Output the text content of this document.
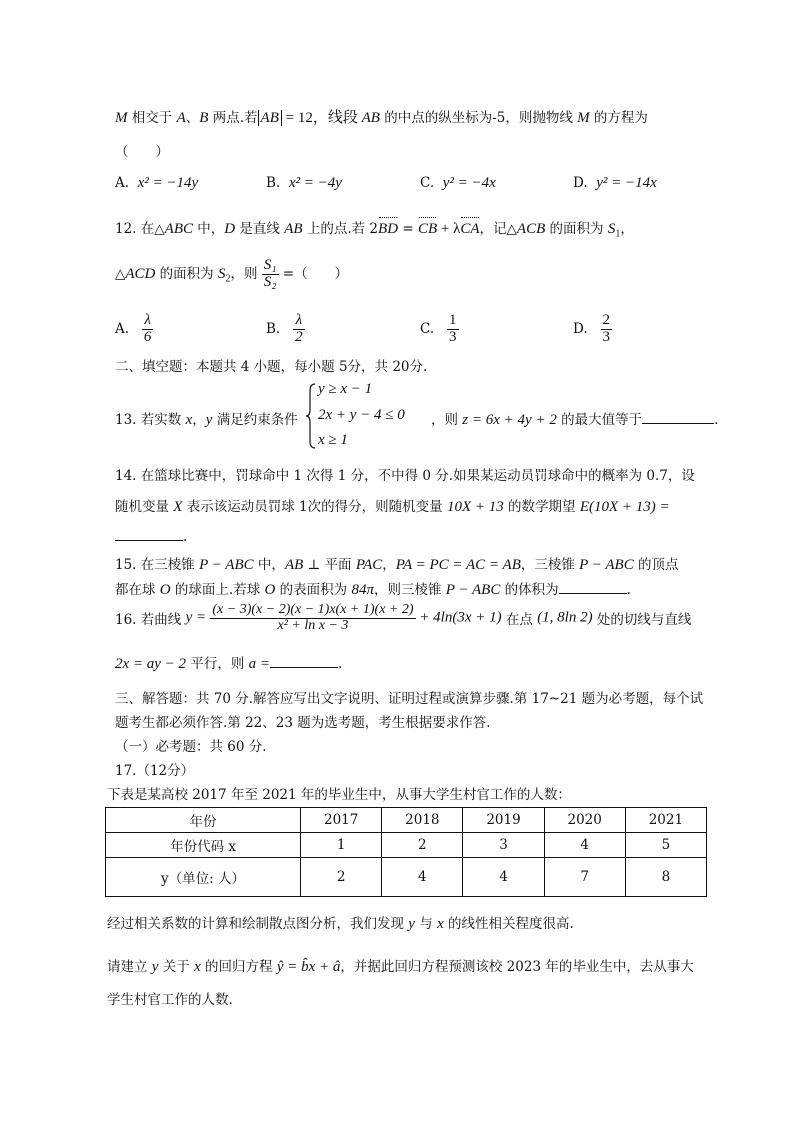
M 相交于 A、B 两点.若 AB = 12，线段 AB 的中点的纵坐标为-5，则抛物线 M 的方程为
（　　）
A. x² = −14y	B. x² = −4y	C. y² = −4x	D. y² = −14x
12. 在△ABC 中，D 是直线 AB 上的点.若 2BD = CB + λCA，记△ACB 的面积为 $S_1$，
△ACD 的面积为 $S_2$，则 $\frac{\text{S₁}}{\text{S₂}}$ =（　　）
A. $\frac{\lambda}{6}$	B. $\frac{\lambda}{2}$	C. $\frac{1}{3}$	D. $\frac{2}{3}$
二、填空题：本题共 4 小题，每小题 5分，共 20分.
13. 若实数 x，y 满足约束条件
y ≥ x − 1
2x + y − 4 ≤ 0
x ≥ 1
，则 z = 6x + 4y + 2 的最大值等于	.
14. 在篮球比赛中，罚球命中 1 次得 1 分，不中得 0 分.如果某运动员罚球命中的概率为 0.7，设
随机变量 X 表示该运动员罚球 1次的得分，则随机变量 10X + 13 的数学期望 E(10X + 13) =
.
15. 在三棱锥 P − ABC 中，AB ⊥ 平面 PAC，PA = PC = AC = AB，三棱锥 P − ABC 的顶点
都在球 O 的球面上.若球 O 的表面积为 84π，则三棱锥 P − ABC 的体积为	.
16. 若曲线 $y = \frac{(x - 3)(x - 2)(x - 1)x(x + 1)(x + 2)}{\text{x² + ln x − 3}} + 4\ln(3x + 1)$ 在点 (1, 8ln 2) 处的切线与直线
2x = ay − 2 平行，则 a =	.
三、解答题：共 70 分.解答应写出文字说明、证明过程或演算步骤.第 17~21 题为必考题，每个试
题考生都必须作答.第 22、23 题为选考题，考生根据要求作答.
（一）必考题：共 60 分.
17.（12分）
下表是某高校 2017 年至 2021 年的毕业生中，从事大学生村官工作的人数：
年份	2017	2018	2019	2020	2021
年份代码 x	1	2	3	4	5
y（单位: 人）	2	4	4	7	8
经过相关系数的计算和绘制散点图分析，我们发现 y 与 x 的线性相关程度很高.
请建立 y 关于 x 的回归方程 ŷ = b̂x + â，并据此回归方程预测该校 2023 年的毕业生中，去从事大
学生村官工作的人数.
